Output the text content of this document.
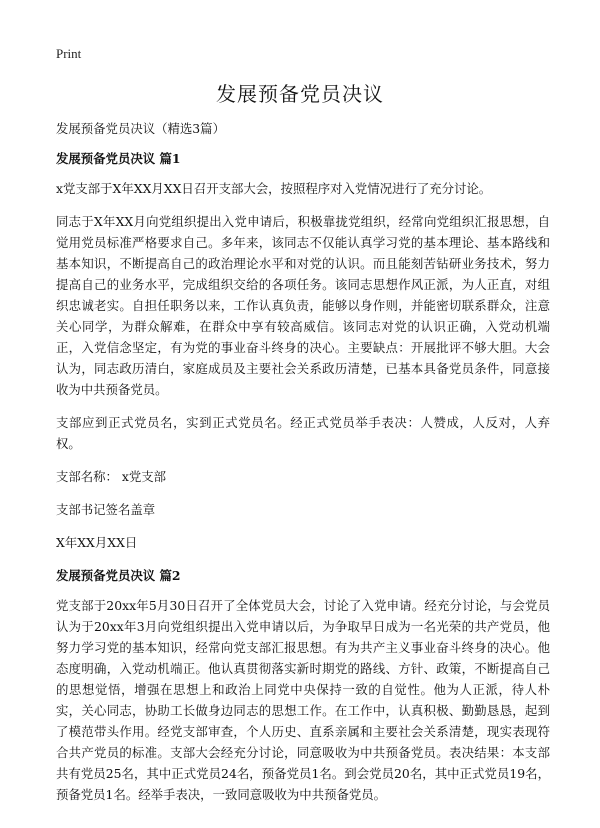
Print
发展预备党员决议

发展预备党员决议（精选3篇）

发展预备党员决议 篇1

x党支部于X年XX月XX日召开支部大会，按照程序对入党情况进行了充分讨论。

同志于X年XX月向党组织提出入党申请后，积极靠拢党组织，经常向党组织汇报思想，自觉用党员标准严格要求自己。多年来，该同志不仅能认真学习党的基本理论、基本路线和基本知识，不断提高自己的政治理论水平和对党的认识。而且能刻苦钻研业务技术，努力提高自己的业务水平，完成组织交给的各项任务。该同志思想作风正派，为人正直，对组织忠诚老实。自担任职务以来，工作认真负责，能够以身作则，并能密切联系群众，注意关心同学，为群众解难，在群众中享有较高威信。该同志对党的认识正确，入党动机端正，入党信念坚定，有为党的事业奋斗终身的决心。主要缺点：开展批评不够大胆。大会认为，同志政历清白，家庭成员及主要社会关系政历清楚，已基本具备党员条件，同意接收为中共预备党员。

支部应到正式党员名，实到正式党员名。经正式党员举手表决：人赞成，人反对，人弃权。

支部名称： x党支部

支部书记签名盖章

X年XX月XX日

发展预备党员决议 篇2

党支部于20xx年5月30日召开了全体党员大会，讨论了入党申请。经充分讨论，与会党员认为于20xx年3月向党组织提出入党申请以后，为争取早日成为一名光荣的共产党员，他努力学习党的基本知识，经常向党支部汇报思想。有为共产主义事业奋斗终身的决心。他态度明确，入党动机端正。他认真贯彻落实新时期党的路线、方针、政策，不断提高自己的思想觉悟，增强在思想上和政治上同党中央保持一致的自觉性。他为人正派，待人朴实，关心同志，协助工长做身边同志的思想工作。在工作中，认真积极、勤勤恳恳，起到了模范带头作用。经党支部审查，个人历史、直系亲属和主要社会关系清楚，现实表现符合共产党员的标准。支部大会经充分讨论，同意吸收为中共预备党员。表决结果：本支部共有党员25名，其中正式党员24名，预备党员1名。到会党员20名，其中正式党员19名，预备党员1名。经举手表决，一致同意吸收为中共预备党员。
